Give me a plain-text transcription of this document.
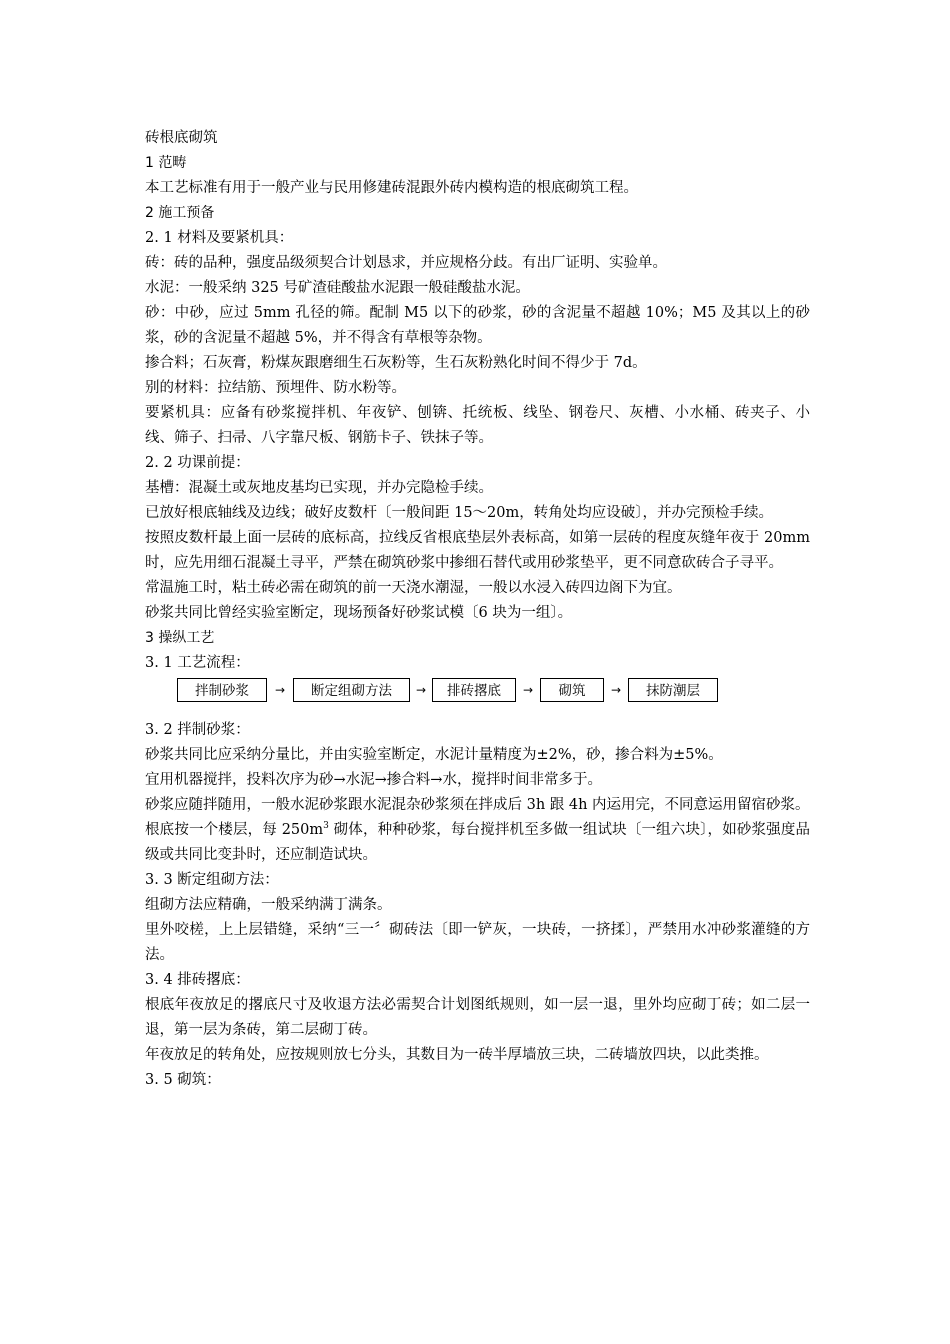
砖根底砌筑

1 范畴

本工艺标准有用于一般产业与民用修建砖混跟外砖内模构造的根底砌筑工程。

2 施工预备

2. 1 材料及要紧机具：

砖：砖的品种，强度品级须契合计划恳求，并应规格分歧。有出厂证明、实验单。

水泥：一般采纳 325 号矿渣硅酸盐水泥跟一般硅酸盐水泥。

砂：中砂，应过 5mm 孔径的筛。配制 M5 以下的砂浆，砂的含泥量不超越 10%；M5 及其以上的砂浆，砂的含泥量不超越 5%，并不得含有草根等杂物。

掺合料；石灰膏，粉煤灰跟磨细生石灰粉等，生石灰粉熟化时间不得少于 7d。

别的材料：拉结筋、预埋件、防水粉等。

要紧机具：应备有砂浆搅拌机、年夜铲、刨锛、托统板、线坠、钢卷尺、灰槽、小水桶、砖夹子、小线、筛子、扫帚、八字靠尺板、钢筋卡子、铁抹子等。

2. 2 功课前提：

基槽：混凝土或灰地皮基均已实现，并办完隐检手续。

已放好根底轴线及边线；破好皮数杆〔一般间距 15～20m，转角处均应设破〕，并办完预检手续。

按照皮数杆最上面一层砖的底标高，拉线反省根底垫层外表标高，如第一层砖的程度灰缝年夜于 20mm 时，应先用细石混凝土寻平，严禁在砌筑砂浆中掺细石替代或用砂浆垫平，更不同意砍砖合子寻平。

常温施工时，粘土砖必需在砌筑的前一天浇水潮湿，一般以水浸入砖四边阁下为宜。

砂浆共同比曾经实验室断定，现场预备好砂浆试模〔6 块为一组〕。

3 操纵工艺

3. 1 工艺流程：

拌制砂浆	→	断定组砌方法	→	排砖撂底	→	砌筑	→	抹防潮层

3. 2 拌制砂浆：

砂浆共同比应采纳分量比，并由实验室断定，水泥计量精度为±2%，砂，掺合料为±5%。

宜用机器搅拌，投料次序为砂→水泥→掺合料→水，搅拌时间非常多于。

砂浆应随拌随用，一般水泥砂浆跟水泥混杂砂浆须在拌成后 3h 跟 4h 内运用完，不同意运用留宿砂浆。

根底按一个楼层，每 $250m^3$ 砌体，种种砂浆，每台搅拌机至多做一组试块〔一组六块〕，如砂浆强度品级或共同比变卦时，还应制造试块。

3. 3 断定组砌方法：

组砌方法应精确，一般采纳满丁满条。

里外咬槎，上上层错缝，采纳“三一〞砌砖法〔即一铲灰，一块砖，一挤揉〕，严禁用水冲砂浆灌缝的方法。

3. 4 排砖撂底：

根底年夜放足的撂底尺寸及收退方法必需契合计划图纸规则，如一层一退，里外均应砌丁砖；如二层一退，第一层为条砖，第二层砌丁砖。

年夜放足的转角处，应按规则放七分头，其数目为一砖半厚墙放三块，二砖墙放四块，以此类推。

3. 5 砌筑：
